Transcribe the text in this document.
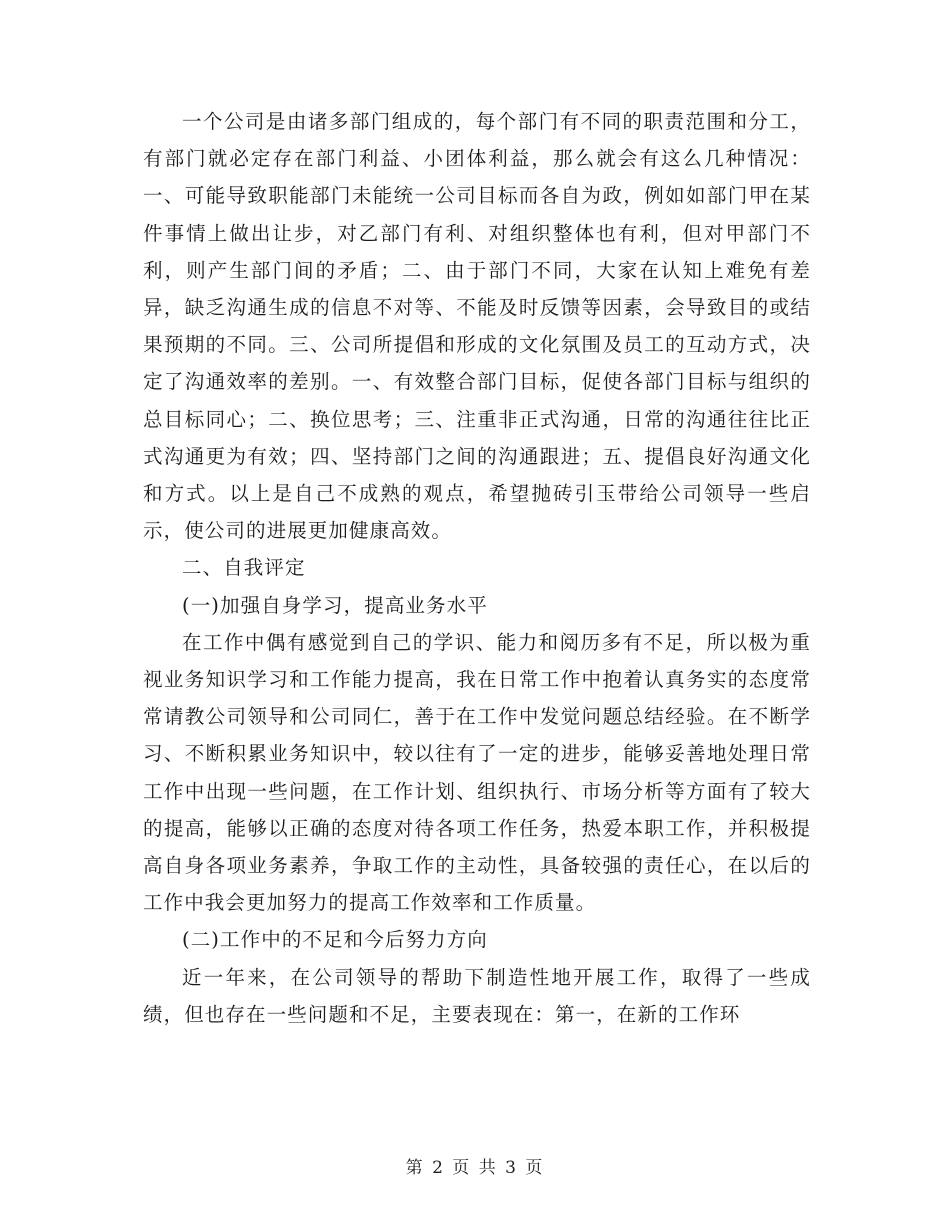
一个公司是由诸多部门组成的，每个部门有不同的职责范围和分工，有部门就必定存在部门利益、小团体利益，那么就会有这么几种情况：一、可能导致职能部门未能统一公司目标而各自为政，例如如部门甲在某件事情上做出让步，对乙部门有利、对组织整体也有利，但对甲部门不利，则产生部门间的矛盾；二、由于部门不同，大家在认知上难免有差异，缺乏沟通生成的信息不对等、不能及时反馈等因素，会导致目的或结果预期的不同。三、公司所提倡和形成的文化氛围及员工的互动方式，决定了沟通效率的差别。一、有效整合部门目标，促使各部门目标与组织的总目标同心；二、换位思考；三、注重非正式沟通，日常的沟通往往比正式沟通更为有效；四、坚持部门之间的沟通跟进；五、提倡良好沟通文化和方式。以上是自己不成熟的观点，希望抛砖引玉带给公司领导一些启示，使公司的进展更加健康高效。

二、自我评定

(一)加强自身学习，提高业务水平

在工作中偶有感觉到自己的学识、能力和阅历多有不足，所以极为重视业务知识学习和工作能力提高，我在日常工作中抱着认真务实的态度常常请教公司领导和公司同仁，善于在工作中发觉问题总结经验。在不断学习、不断积累业务知识中，较以往有了一定的进步，能够妥善地处理日常工作中出现一些问题，在工作计划、组织执行、市场分析等方面有了较大的提高，能够以正确的态度对待各项工作任务，热爱本职工作，并积极提高自身各项业务素养，争取工作的主动性，具备较强的责任心，在以后的工作中我会更加努力的提高工作效率和工作质量。

(二)工作中的不足和今后努力方向

近一年来，在公司领导的帮助下制造性地开展工作，取得了一些成绩，但也存在一些问题和不足，主要表现在：第一，在新的工作环

第 2 页 共 3 页
